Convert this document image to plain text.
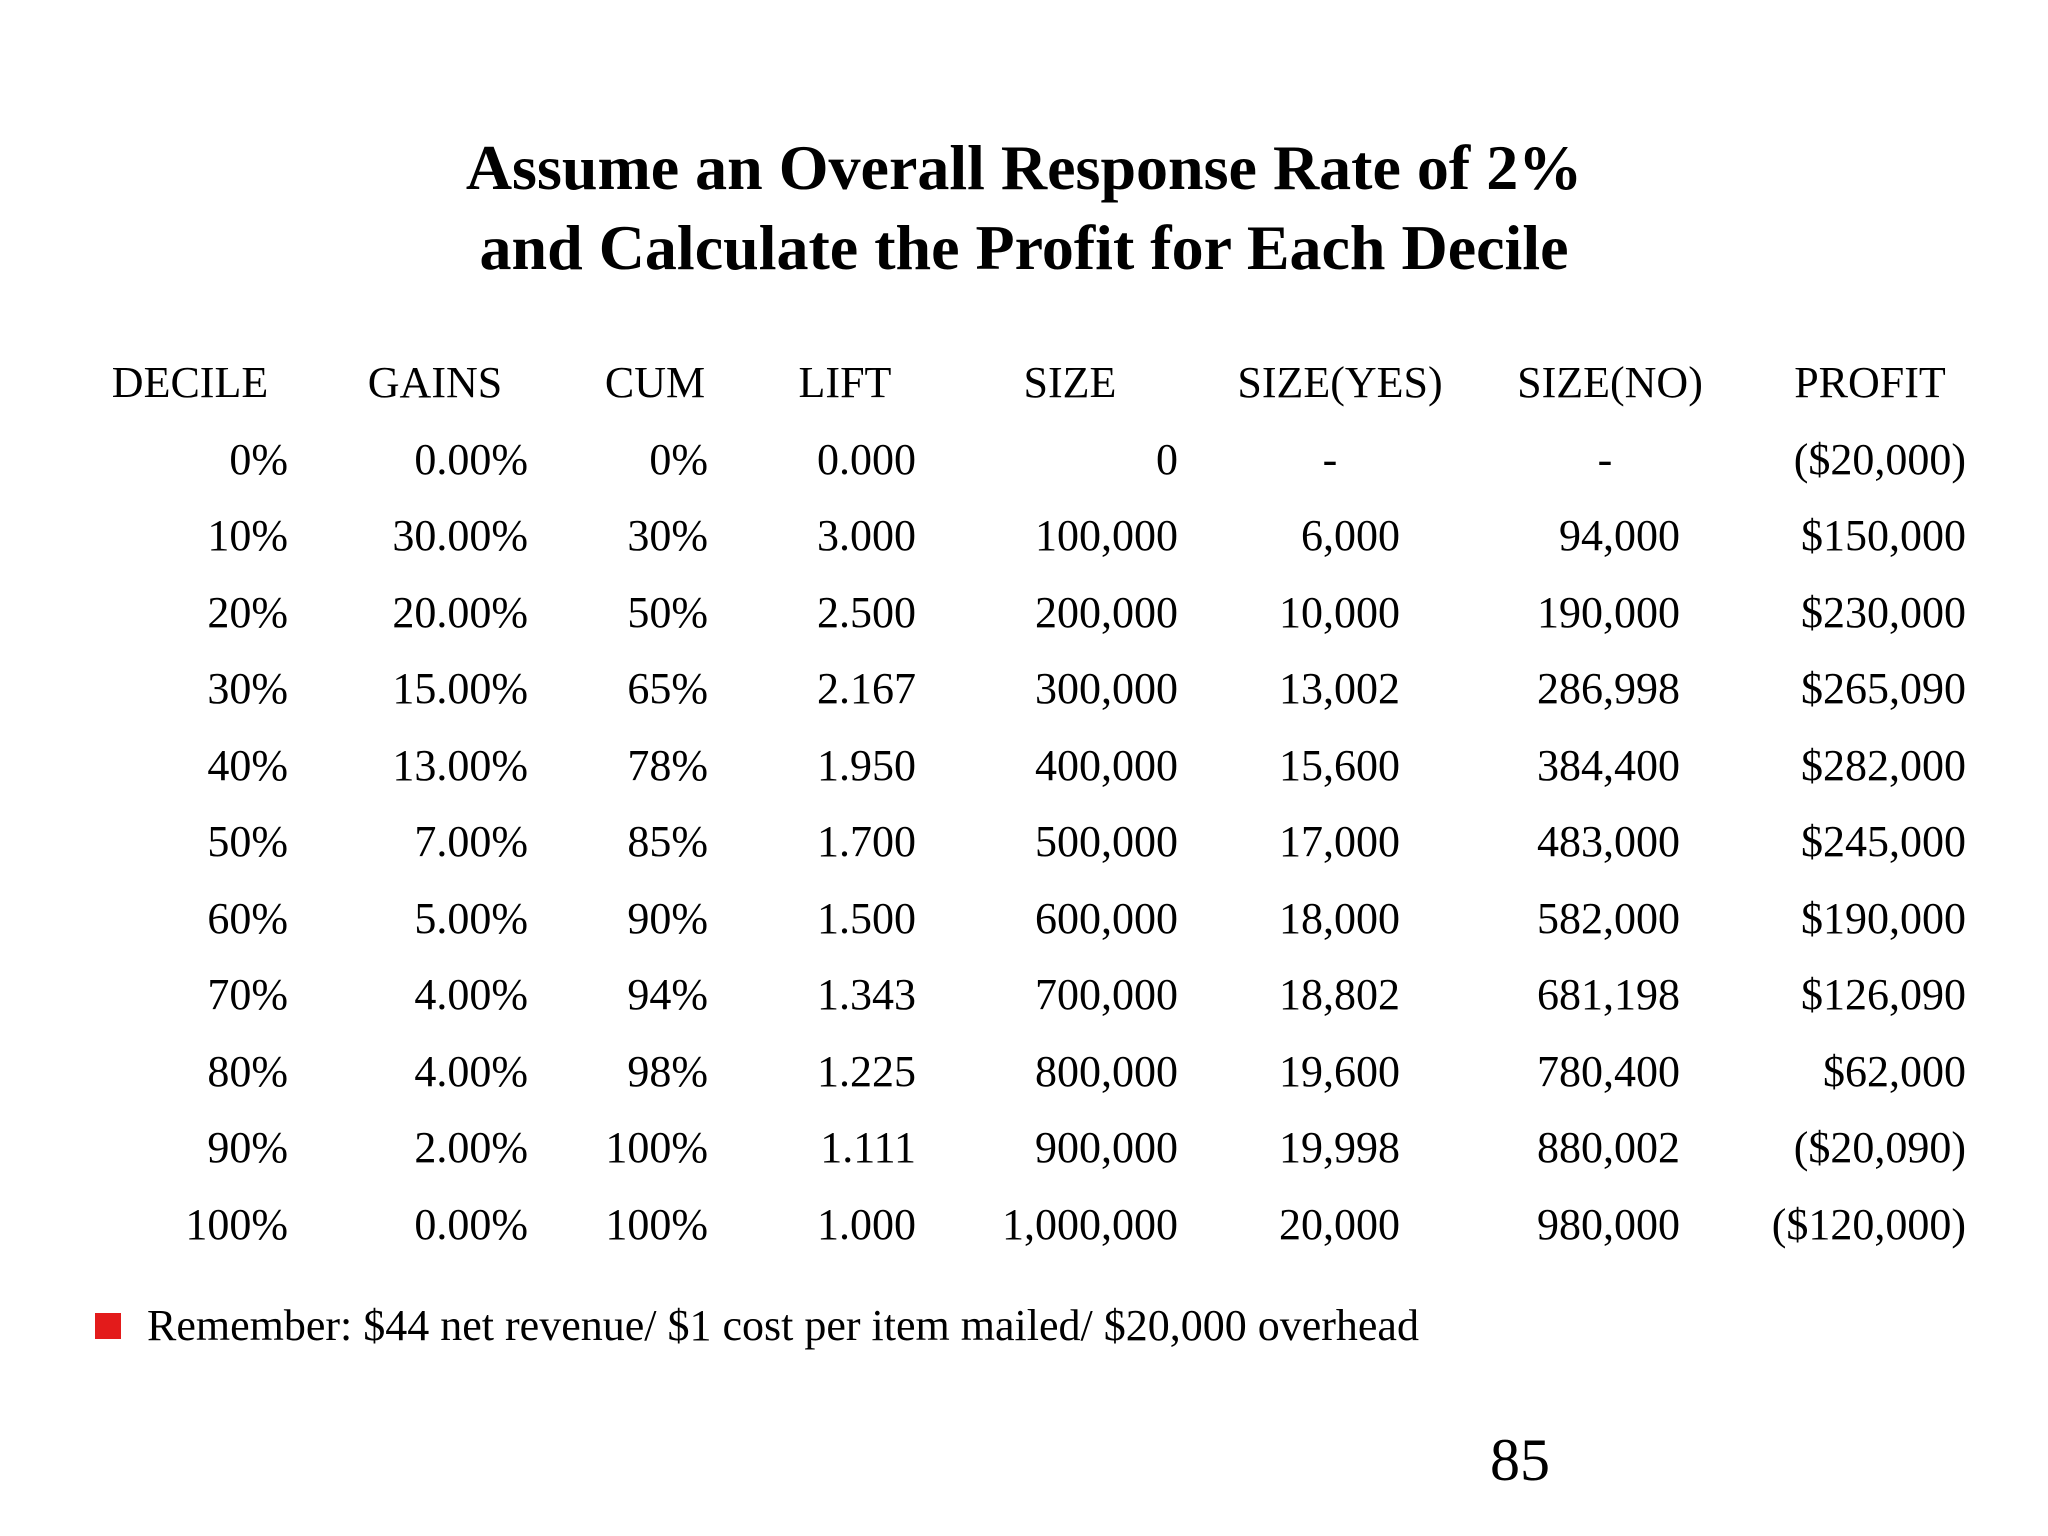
Assume an Overall Response Rate of 2%
and Calculate the Profit for Each Decile
DECILE	GAINS	CUM	LIFT	SIZE	SIZE(YES)	SIZE(NO)	PROFIT
0%	0.00%	0%	0.000	0	-	-	($20,000)
10%	30.00%	30%	3.000	100,000	6,000	94,000	$150,000
20%	20.00%	50%	2.500	200,000	10,000	190,000	$230,000
30%	15.00%	65%	2.167	300,000	13,002	286,998	$265,090
40%	13.00%	78%	1.950	400,000	15,600	384,400	$282,000
50%	7.00%	85%	1.700	500,000	17,000	483,000	$245,000
60%	5.00%	90%	1.500	600,000	18,000	582,000	$190,000
70%	4.00%	94%	1.343	700,000	18,802	681,198	$126,090
80%	4.00%	98%	1.225	800,000	19,600	780,400	$62,000
90%	2.00%	100%	1.111	900,000	19,998	880,002	($20,090)
100%	0.00%	100%	1.000	1,000,000	20,000	980,000	($120,000)
Remember: $44 net revenue/ $1 cost per item mailed/ $20,000 overhead
85
